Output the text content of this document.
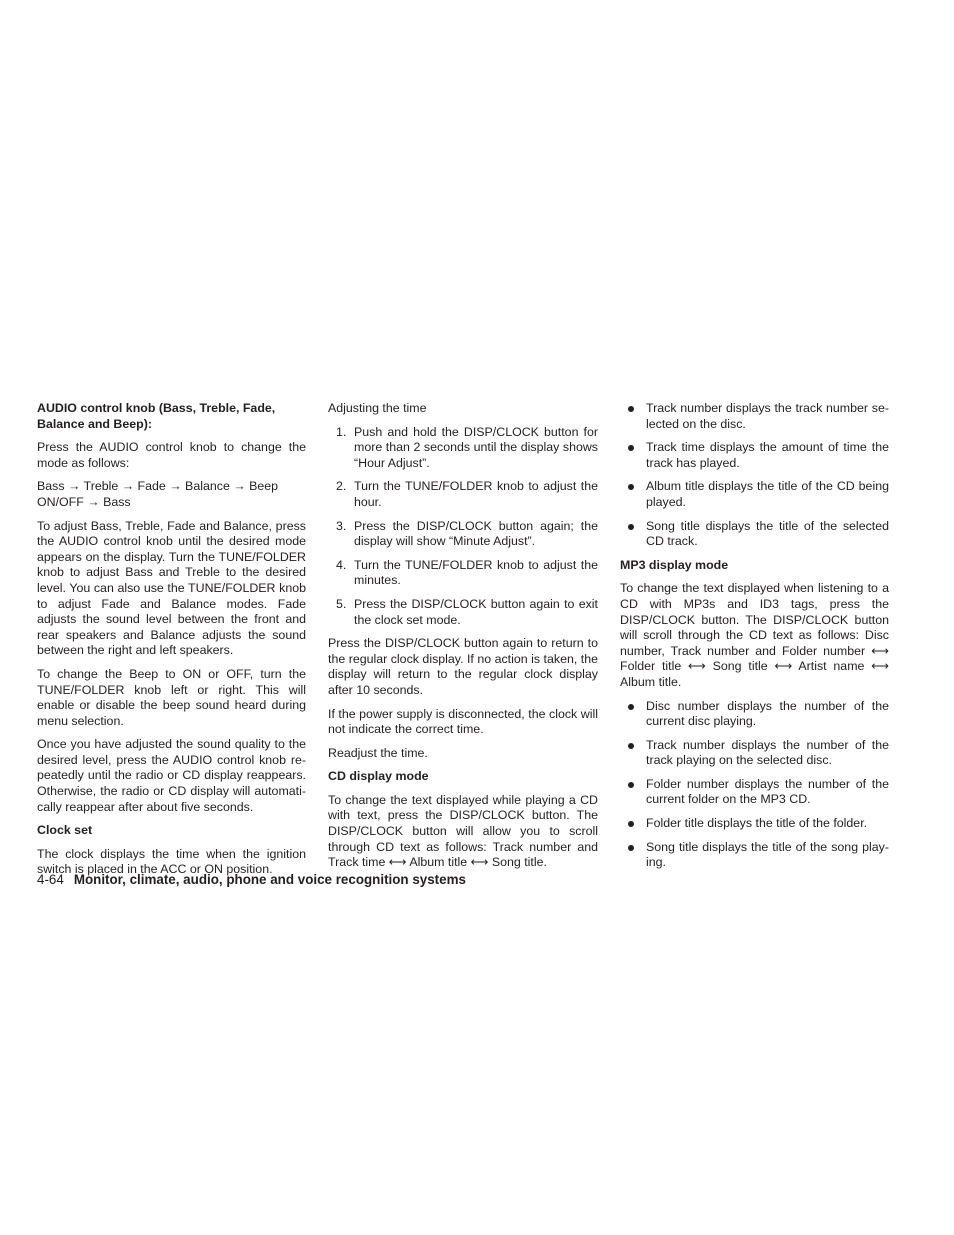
AUDIO control knob (Bass, Treble, Fade, Balance and Beep):

Press the AUDIO control knob to change the mode as follows:

Bass → Treble → Fade → Balance → Beep ON/OFF → Bass

To adjust Bass, Treble, Fade and Balance, press the AUDIO control knob until the desired mode appears on the display. Turn the TUNE/FOLDER knob to adjust Bass and Treble to the desired level. You can also use the TUNE/FOLDER knob to adjust Fade and Balance modes. Fade adjusts the sound level between the front and rear speakers and Balance adjusts the sound between the right and left speakers.

To change the Beep to ON or OFF, turn the TUNE/FOLDER knob left or right. This will enable or disable the beep sound heard during menu selection.

Once you have adjusted the sound quality to the desired level, press the AUDIO control knob repeatedly until the radio or CD display reappears. Otherwise, the radio or CD display will automatically reappear after about five seconds.

Clock set

The clock displays the time when the ignition switch is placed in the ACC or ON position.

Adjusting the time

1. Push and hold the DISP/CLOCK button for more than 2 seconds until the display shows “Hour Adjust”.
2. Turn the TUNE/FOLDER knob to adjust the hour.
3. Press the DISP/CLOCK button again; the display will show “Minute Adjust”.
4. Turn the TUNE/FOLDER knob to adjust the minutes.
5. Press the DISP/CLOCK button again to exit the clock set mode.

Press the DISP/CLOCK button again to return to the regular clock display. If no action is taken, the display will return to the regular clock display after 10 seconds.

If the power supply is disconnected, the clock will not indicate the correct time.

Readjust the time.

CD display mode

To change the text displayed while playing a CD with text, press the DISP/CLOCK button. The DISP/CLOCK button will allow you to scroll through CD text as follows: Track number and Track time ⟷ Album title ⟷ Song title.

Track number displays the track number selected on the disc.
Track time displays the amount of time the track has played.
Album title displays the title of the CD being played.
Song title displays the title of the selected CD track.
MP3 display mode

To change the text displayed when listening to a CD with MP3s and ID3 tags, press the DISP/CLOCK button. The DISP/CLOCK button will scroll through the CD text as follows: Disc number, Track number and Folder number ⟷ Folder title ⟷ Song title ⟷ Artist name ⟷ Album title.

Disc number displays the number of the current disc playing.
Track number displays the number of the track playing on the selected disc.
Folder number displays the number of the current folder on the MP3 CD.
Folder title displays the title of the folder.
Song title displays the title of the song playing.
4-64 Monitor, climate, audio, phone and voice recognition systems
